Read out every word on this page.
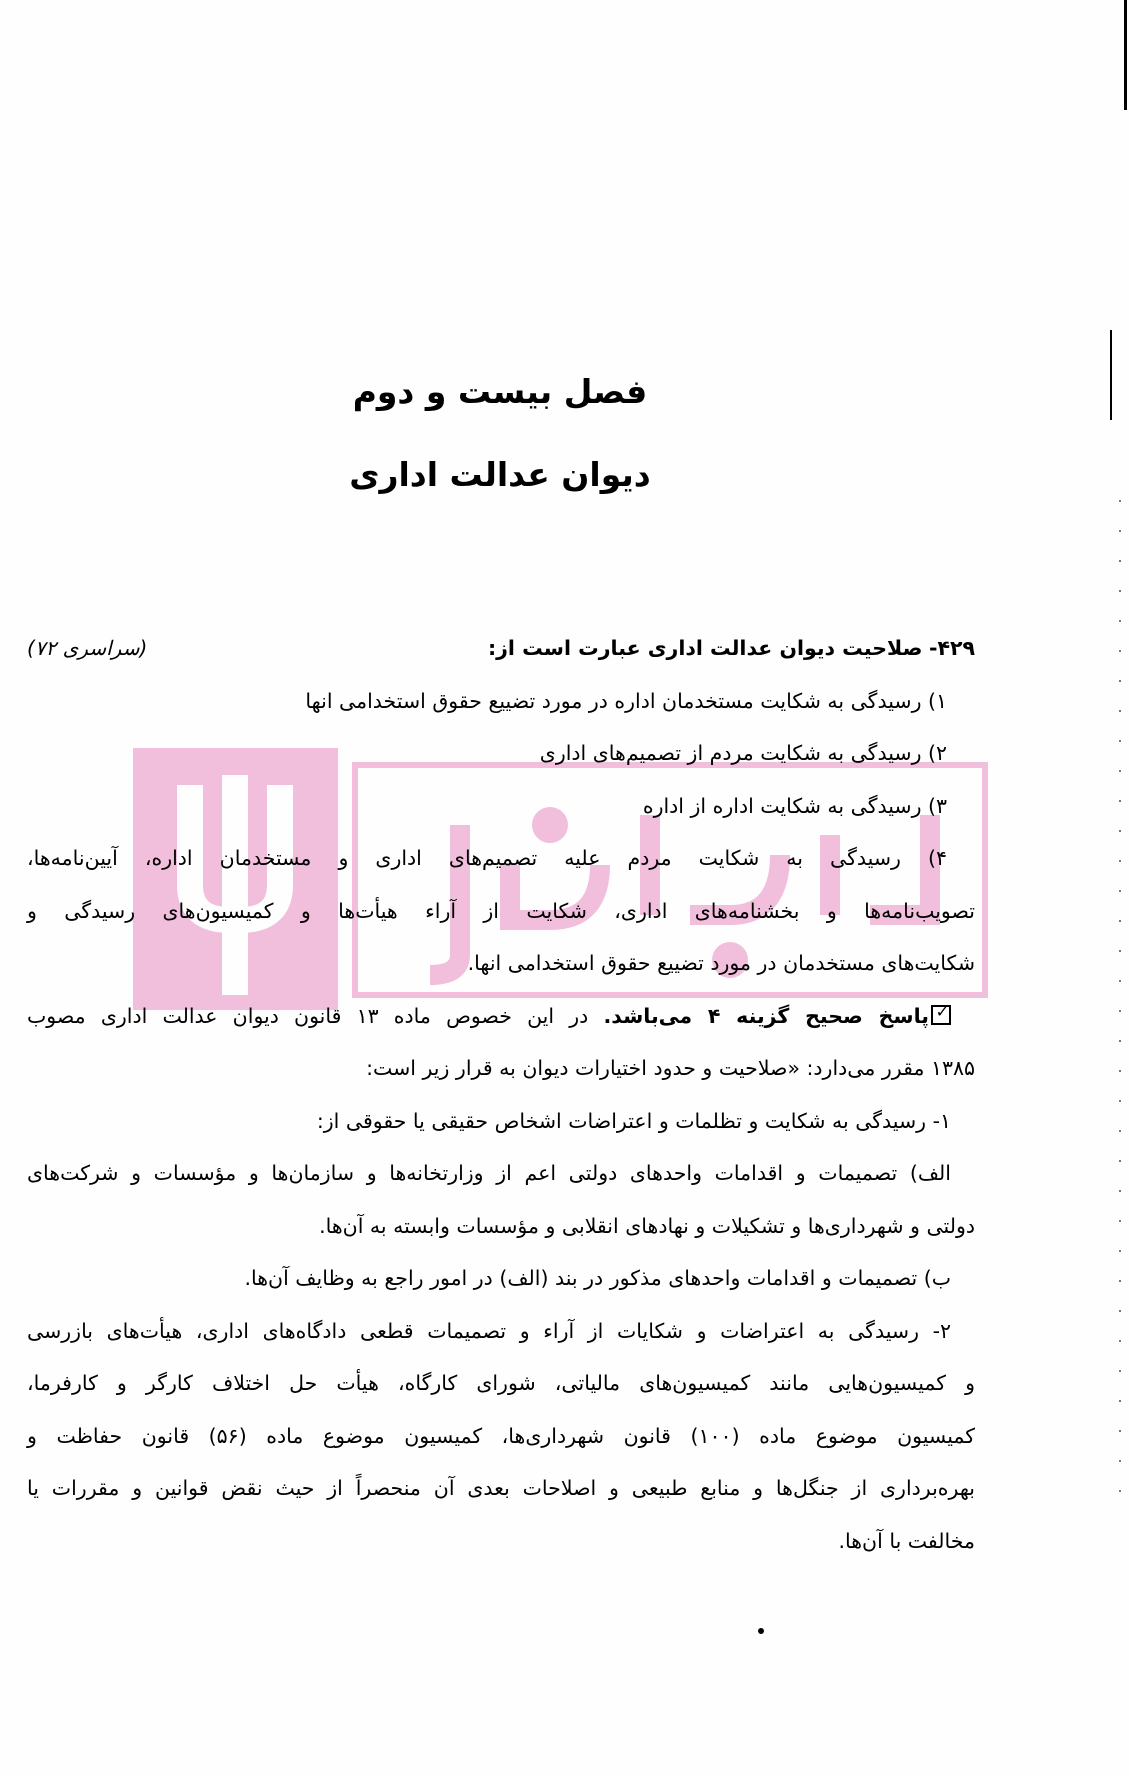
فصل بیست و دوم
دیوان عدالت اداری
۴۲۹- صلاحیت دیوان عدالت اداری عبارت است از:
(سراسری ۷۲)
۱) رسیدگی به شکایت مستخدمان اداره در مورد تضییع حقوق استخدامی انها
۲) رسیدگی به شکایت مردم از تصمیم‌های اداری
۳) رسیدگی به شکایت اداره از اداره
۴) رسیدگی به شکایت مردم علیه تصمیم‌های اداری و مستخدمان اداره، آیین‌نامه‌ها،
تصویب‌نامه‌ها و بخشنامه‌های اداری، شکایت از آراء هیأت‌ها و کمیسیون‌های رسیدگی و
شکایت‌های مستخدمان در مورد تضییع حقوق استخدامی انها.
✓پاسخ صحیح گزینه ۴ می‌باشد. در این خصوص ماده ۱۳ قانون دیوان عدالت اداری مصوب
۱۳۸۵ مقرر می‌دارد: «صلاحیت و حدود اختیارات دیوان به قرار زیر است:
۱- رسیدگی به شکایت و تظلمات و اعتراضات اشخاص حقیقی یا حقوقی از:
الف) تصمیمات و اقدامات واحدهای دولتی اعم از وزارتخانه‌ها و سازمان‌ها و مؤسسات و شرکت‌های
دولتی و شهرداری‌ها و تشکیلات و نهادهای انقلابی و مؤسسات وابسته به آن‌ها.
ب) تصمیمات و اقدامات واحدهای مذکور در بند (الف) در امور راجع به وظایف آن‌ها.
۲- رسیدگی به اعتراضات و شکایات از آراء و تصمیمات قطعی دادگاه‌های اداری، هیأت‌های بازرسی
و کمیسیون‌هایی مانند کمیسیون‌های مالیاتی، شورای کارگاه، هیأت حل اختلاف کارگر و کارفرما،
کمیسیون موضوع ماده (۱۰۰) قانون شهرداری‌ها، کمیسیون موضوع ماده (۵۶) قانون حفاظت و
بهره‌برداری از جنگل‌ها و منابع طبیعی و اصلاحات بعدی آن منحصراً از حیث نقض قوانین و مقررات یا
مخالفت با آن‌ها.
